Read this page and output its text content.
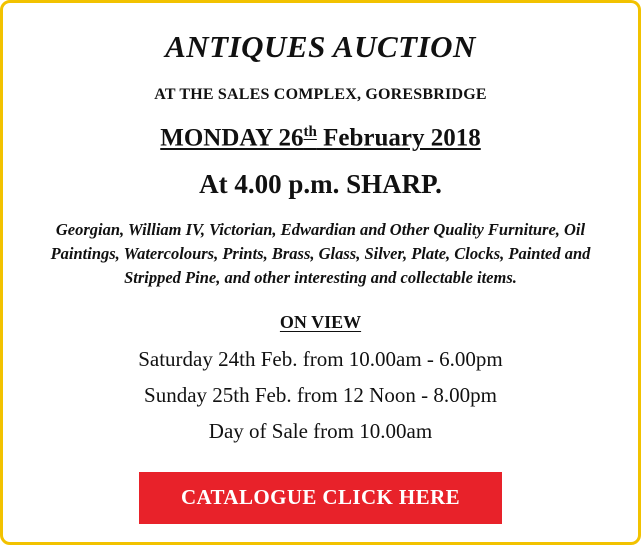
ANTIQUES AUCTION
AT THE SALES COMPLEX, GORESBRIDGE
MONDAY 26th February 2018
At 4.00 p.m. SHARP.
Georgian, William IV, Victorian, Edwardian and Other Quality Furniture, Oil Paintings, Watercolours, Prints, Brass, Glass, Silver, Plate, Clocks, Painted and Stripped Pine, and other interesting and collectable items.
ON VIEW
Saturday 24th Feb. from 10.00am - 6.00pm
Sunday 25th Feb. from 12 Noon - 8.00pm
Day of Sale from 10.00am
CATALOGUE CLICK HERE
